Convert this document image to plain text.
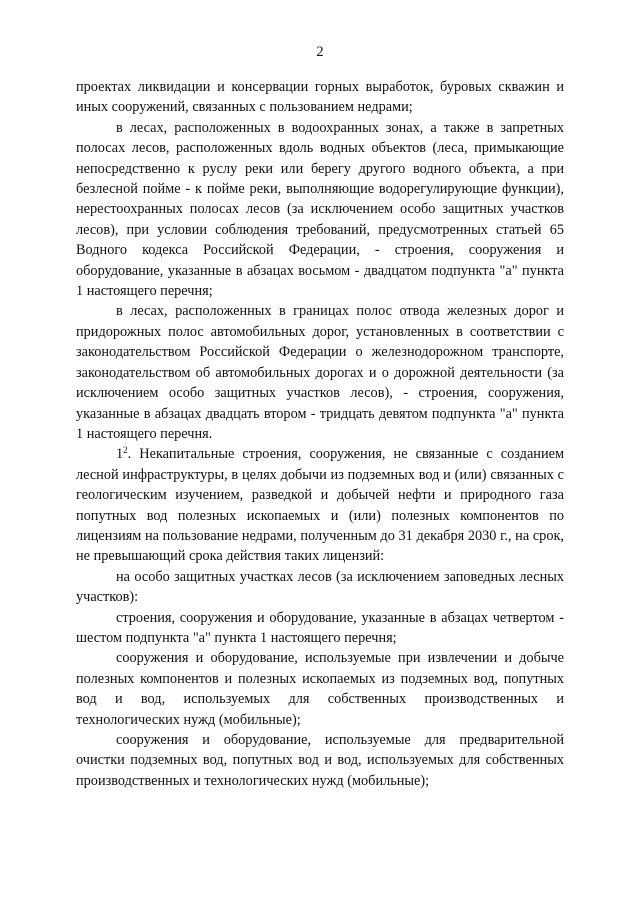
2

проектах ликвидации и консервации горных выработок, буровых скважин и иных сооружений, связанных с пользованием недрами;

в лесах, расположенных в водоохранных зонах, а также в запретных полосах лесов, расположенных вдоль водных объектов (леса, примыкающие непосредственно к руслу реки или берегу другого водного объекта, а при безлесной пойме - к пойме реки, выполняющие водорегулирующие функции), нерестоохранных полосах лесов (за исключением особо защитных участков лесов), при условии соблюдения требований, предусмотренных статьей 65 Водного кодекса Российской Федерации, - строения, сооружения и оборудование, указанные в абзацах восьмом - двадцатом подпункта "а" пункта 1 настоящего перечня;

в лесах, расположенных в границах полос отвода железных дорог и придорожных полос автомобильных дорог, установленных в соответствии с законодательством Российской Федерации о железнодорожном транспорте, законодательством об автомобильных дорогах и о дорожной деятельности (за исключением особо защитных участков лесов), - строения, сооружения, указанные в абзацах двадцать втором - тридцать девятом подпункта "а" пункта 1 настоящего перечня.

$1^2$. Некапитальные строения, сооружения, не связанные с созданием лесной инфраструктуры, в целях добычи из подземных вод и (или) связанных с геологическим изучением, разведкой и добычей нефти и природного газа попутных вод полезных ископаемых и (или) полезных компонентов по лицензиям на пользование недрами, полученным до 31 декабря 2030 г., на срок, не превышающий срока действия таких лицензий:

на особо защитных участках лесов (за исключением заповедных лесных участков):

строения, сооружения и оборудование, указанные в абзацах четвертом - шестом подпункта "а" пункта 1 настоящего перечня;

сооружения и оборудование, используемые при извлечении и добыче полезных компонентов и полезных ископаемых из подземных вод, попутных вод и вод, используемых для собственных производственных и технологических нужд (мобильные);

сооружения и оборудование, используемые для предварительной очистки подземных вод, попутных вод и вод, используемых для собственных производственных и технологических нужд (мобильные);
